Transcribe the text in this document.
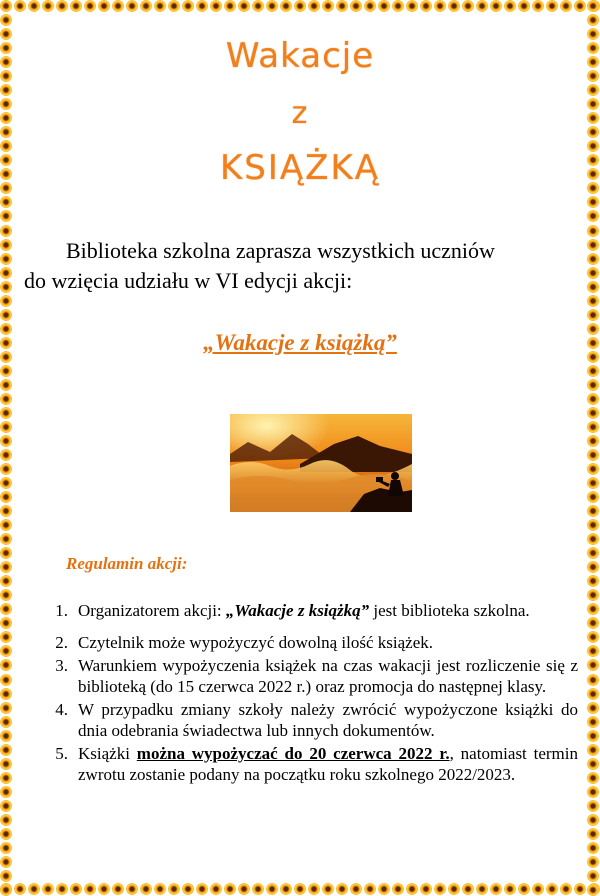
Wakacje
z
KSIĄŻKĄ
Biblioteka szkolna zaprasza wszystkich uczniów
do wzięcia udziału w VI edycji akcji:
„Wakacje z książką”
Regulamin akcji:
1. Organizatorem akcji: „Wakacje z książką” jest biblioteka szkolna.
2. Czytelnik może wypożyczyć dowolną ilość książek.
3. Warunkiem wypożyczenia książek na czas wakacji jest rozliczenie się z biblioteką (do 15 czerwca 2022 r.) oraz promocja do następnej klasy.
4. W przypadku zmiany szkoły należy zwrócić wypożyczone książki do dnia odebrania świadectwa lub innych dokumentów.
5. Książki można wypożyczać do 20 czerwca 2022 r., natomiast termin zwrotu zostanie podany na początku roku szkolnego 2022/2023.
